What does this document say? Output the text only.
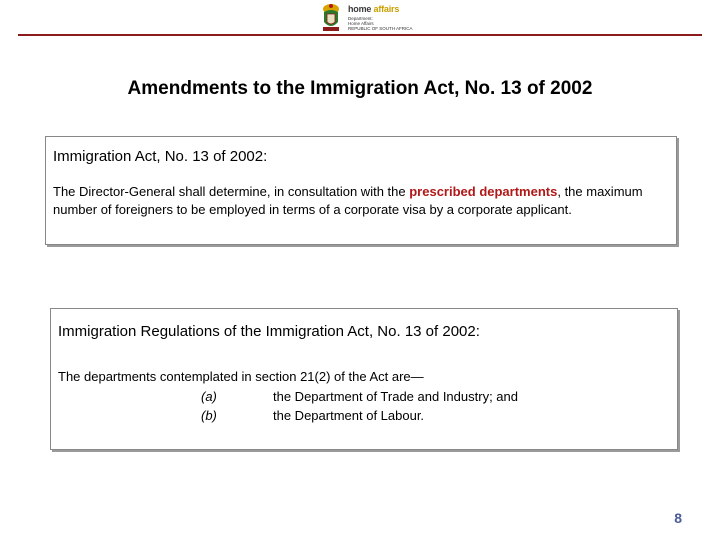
home affairs
Department:
Home Affairs
REPUBLIC OF SOUTH AFRICA
Amendments to the Immigration Act, No. 13 of 2002
Immigration Act, No. 13 of 2002:
The Director-General shall determine, in consultation with the prescribed departments, the maximum number of foreigners to be employed in terms of a corporate visa by a corporate applicant.
Immigration Regulations of the Immigration Act, No. 13 of 2002:
The departments contemplated in section 21(2) of the Act are—
(a)	the Department of Trade and Industry; and
(b)	the Department of Labour.
8
